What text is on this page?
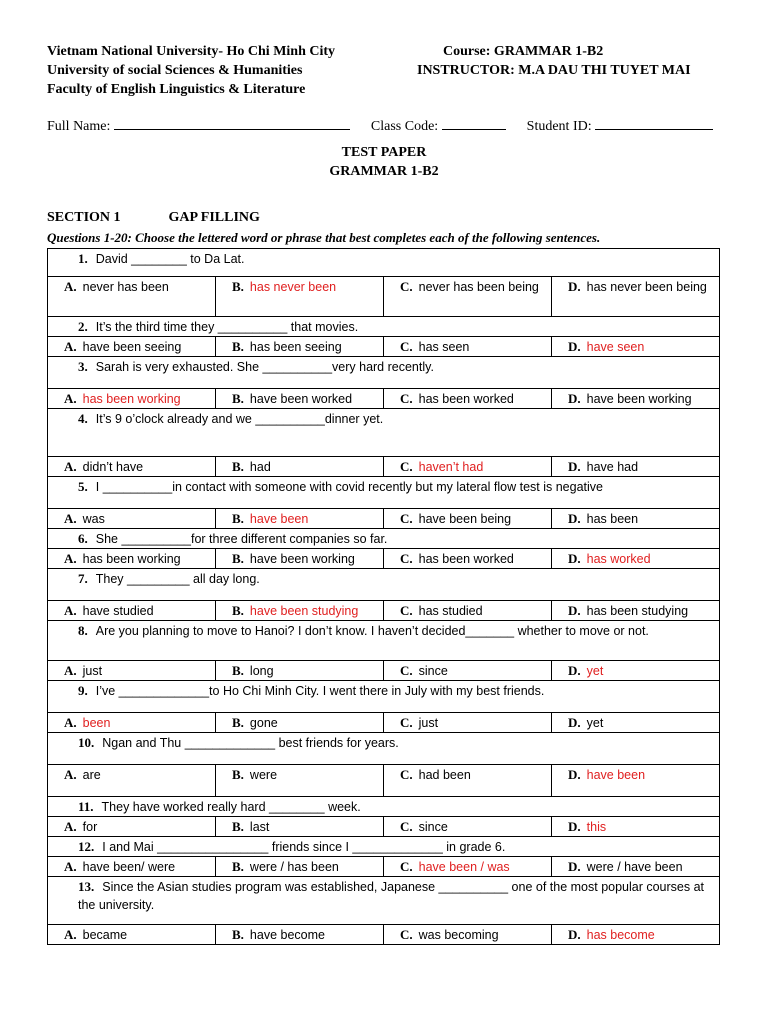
Vietnam National University- Ho Chi Minh City	Course: GRAMMAR 1-B2
University of social Sciences & Humanities	INSTRUCTOR: M.A DAU THI TUYET MAI
Faculty of English Linguistics & Literature
Full Name:	Class Code:	Student ID:
TEST PAPER
GRAMMAR 1-B2
SECTION 1	GAP FILLING
Questions 1-20: Choose the lettered word or phrase that best completes each of the following sentences.
1. David ________ to Da Lat.			
A. never has been	B. has never been	C. never has been being	D. has never been being
2. It’s the third time they __________ that movies.			
A. have been seeing	B. has been seeing	C. has seen	D. have seen
3. Sarah is very exhausted. She __________very hard recently.			
A. has been working	B. have been worked	C. has been worked	D. have been working
4. It’s 9 o’clock already and we __________dinner yet.			
A. didn’t have	B. had	C. haven’t had	D. have had
5. I __________in contact with someone with covid recently but my lateral flow test is negative			
A. was	B. have been	C. have been being	D. has been
6. She __________for three different companies so far.			
A. has been working	B. have been working	C. has been worked	D. has worked
7. They _________ all day long.			
A. have studied	B. have been studying	C. has studied	D. has been studying
8. Are you planning to move to Hanoi? I don’t know. I haven’t decided_______ whether to move or not.			
A. just	B. long	C. since	D. yet
9. I’ve _____________to Ho Chi Minh City. I went there in July with my best friends.			
A. been	B. gone	C. just	D. yet
10. Ngan and Thu _____________ best friends for years.			
A. are	B. were	C. had been	D. have been
11. They have worked really hard ________ week.			
A. for	B. last	C. since	D. this
12. I and Mai ________________ friends since I _____________ in grade 6.			
A. have been/ were	B. were / has been	C. have been / was	D. were / have been
13. Since the Asian studies program was established, Japanese __________ one of the most popular courses at the university.			
A. became	B. have become	C. was becoming	D. has become
